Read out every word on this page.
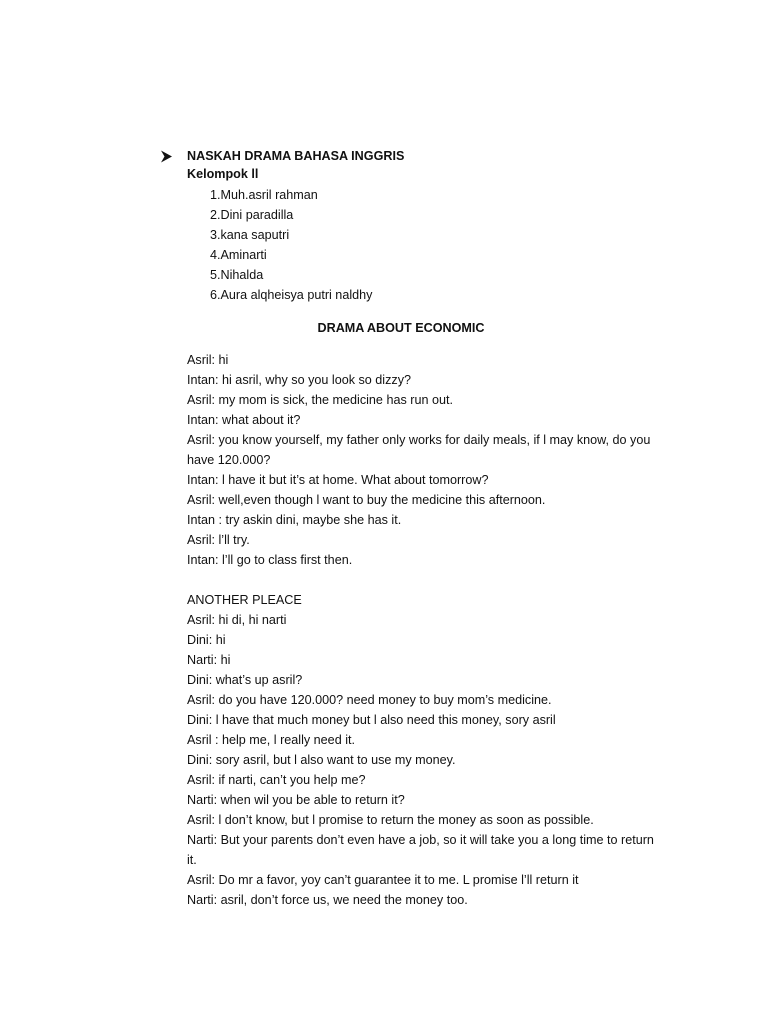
NASKAH DRAMA BAHASA INGGRIS
Kelompok ll
1.Muh.asril rahman
2.Dini paradilla
3.kana saputri
4.Aminarti
5.Nihalda
6.Aura alqheisya putri naldhy
DRAMA ABOUT ECONOMIC
Asril: hi
Intan: hi asril, why so you look so dizzy?
Asril: my mom is sick, the medicine has run out.
Intan: what about it?
Asril: you know yourself, my father only works for daily meals, if l may know, do you have 120.000?
Intan: l have it but it’s at home. What about tomorrow?
Asril: well,even though l want to buy the medicine this afternoon.
Intan : try askin dini, maybe she has it.
Asril: l’ll try.
Intan: l’ll go to class first then.
ANOTHER PLEACE
Asril: hi di, hi narti
Dini: hi
Narti: hi
Dini: what’s up asril?
Asril: do you have 120.000? need money to buy mom’s medicine.
Dini: l have that much money but l also need this money, sory asril
Asril : help me, l really need it.
Dini: sory asril, but l also want to use my money.
Asril: if narti, can’t you help me?
Narti: when wil you be able to return it?
Asril: l don’t know, but l promise to return the money as soon as possible.
Narti: But your parents don’t even have a job, so it will take you a long time to return it.
Asril: Do mr a favor, yoy can’t guarantee it to me. L promise l’ll return it
Narti: asril, don’t force us, we need the money too.
